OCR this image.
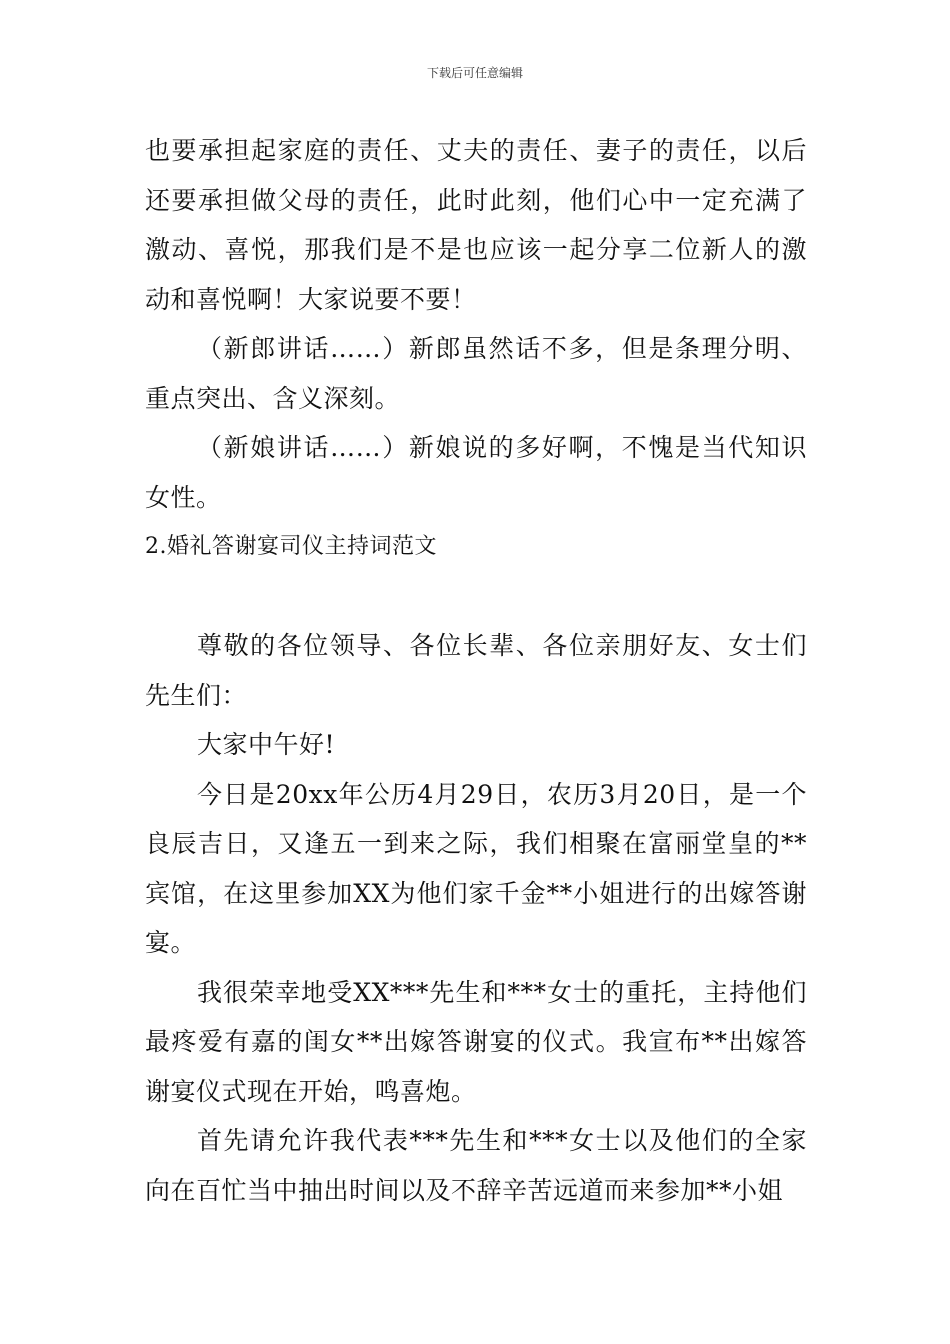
下载后可任意编辑

也要承担起家庭的责任、丈夫的责任、妻子的责任，以后还要承担做父母的责任，此时此刻，他们心中一定充满了激动、喜悦，那我们是不是也应该一起分享二位新人的激动和喜悦啊！大家说要不要！

（新郎讲话……）新郎虽然话不多，但是条理分明、重点突出、含义深刻。

（新娘讲话……）新娘说的多好啊，不愧是当代知识女性。

2.婚礼答谢宴司仪主持词范文

尊敬的各位领导、各位长辈、各位亲朋好友、女士们先生们：

大家中午好!

今日是20xx年公历4月29日，农历3月20日，是一个良辰吉日，又逢五一到来之际，我们相聚在富丽堂皇的**宾馆，在这里参加XX为他们家千金**小姐进行的出嫁答谢宴。

我很荣幸地受XX***先生和***女士的重托，主持他们最疼爱有嘉的闺女**出嫁答谢宴的仪式。我宣布**出嫁答谢宴仪式现在开始，鸣喜炮。

首先请允许我代表***先生和***女士以及他们的全家向在百忙当中抽出时间以及不辞辛苦远道而来参加**小姐
